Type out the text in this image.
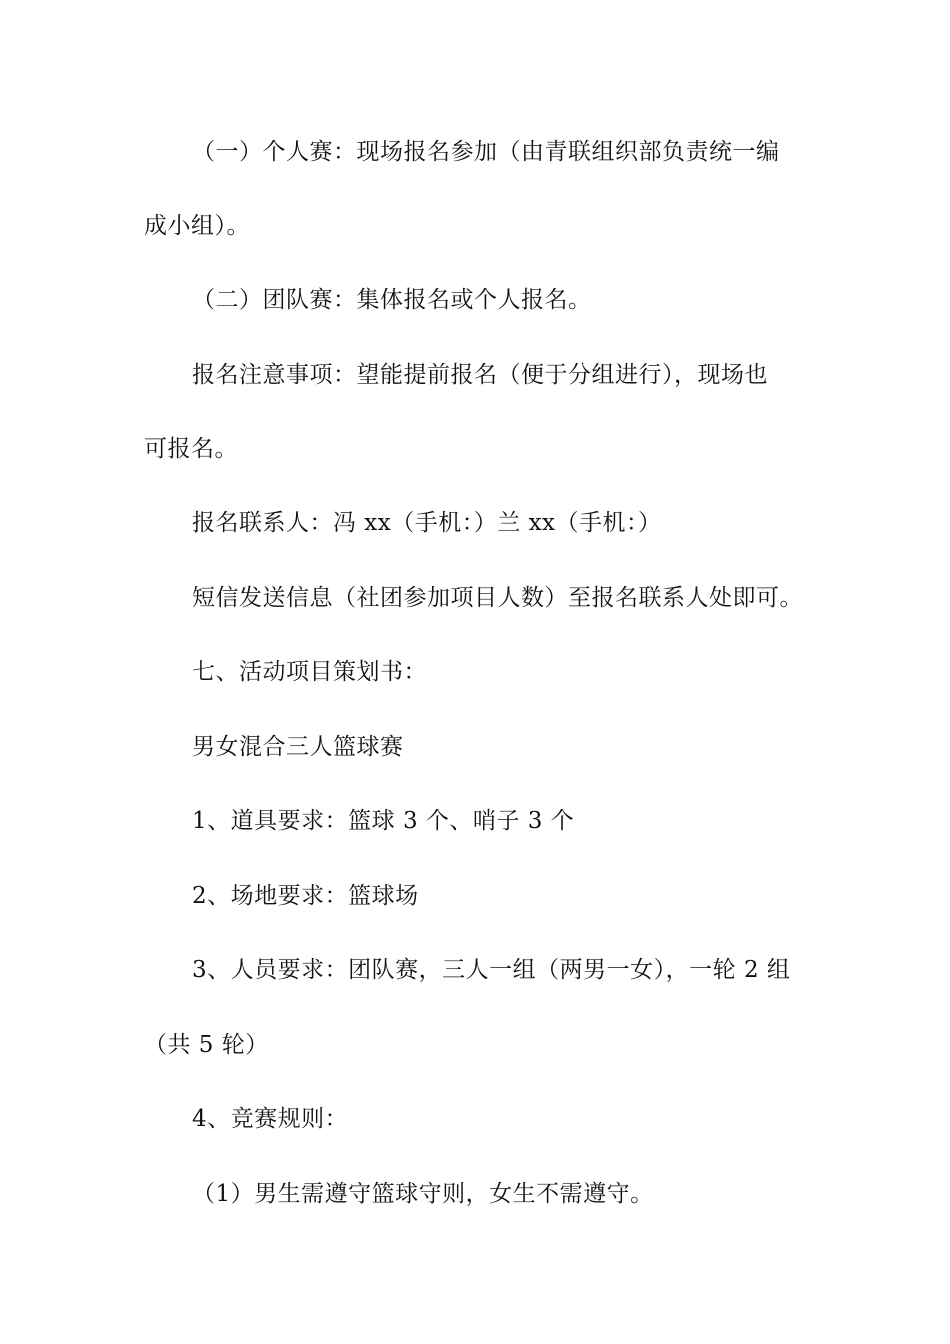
（一）个人赛：现场报名参加（由青联组织部负责统一编
成小组）。
（二）团队赛：集体报名或个人报名。
报名注意事项：望能提前报名（便于分组进行），现场也
可报名。
报名联系人：冯 xx（手机：）兰 xx（手机：）
短信发送信息（社团参加项目人数）至报名联系人处即可。
七、活动项目策划书：
男女混合三人篮球赛
1、道具要求：篮球 3 个、哨子 3 个
2、场地要求：篮球场
3、人员要求：团队赛，三人一组（两男一女），一轮 2 组
（共 5 轮）
4、竞赛规则：
（1）男生需遵守篮球守则，女生不需遵守。
